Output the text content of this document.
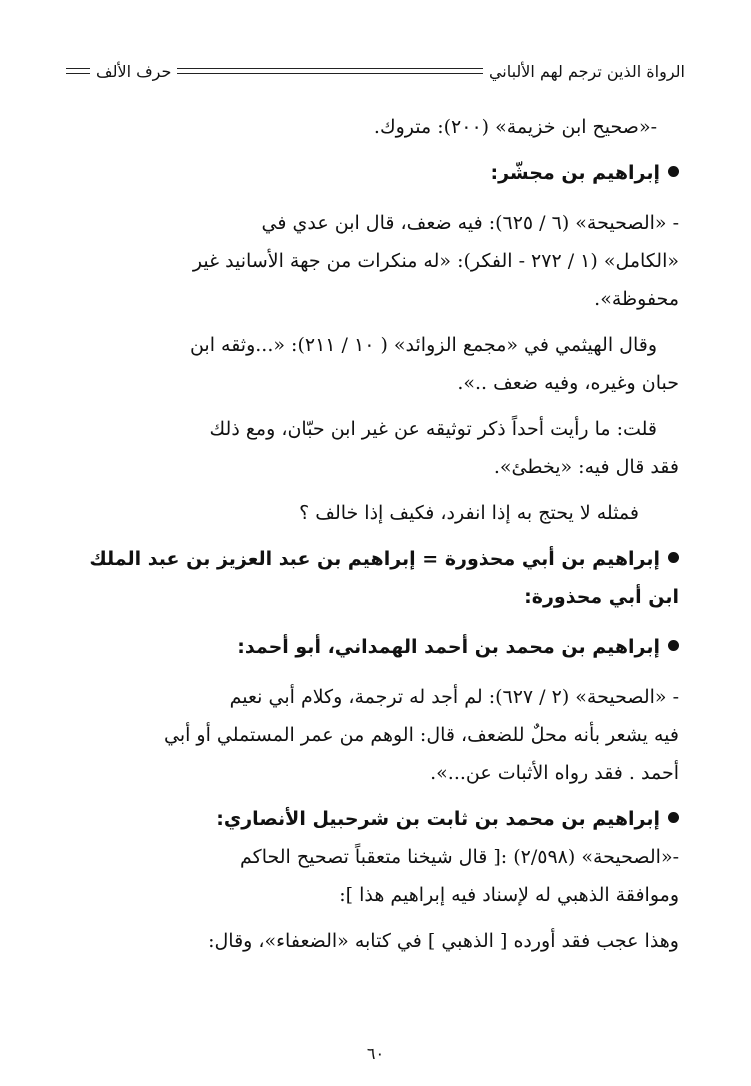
الرواة الذين ترجم لهم الألباني
حرف الألف

-«صحيح ابن خزيمة» (٢٠٠): متروك.

إبراهيم بن مجشّر:

- «الصحيحة» (٦ / ٦٢٥): فيه ضعف، قال ابن عدي في

«الكامل» (١ / ٢٧٢ - الفكر): «له منكرات من جهة الأسانيد غير

محفوظة».

وقال الهيثمي في «مجمع الزوائد» ( ١٠ / ٢١١): «...وثقه ابن

حبان وغيره، وفيه ضعف ..».

قلت: ما رأيت أحداً ذكر توثيقه عن غير ابن حبّان، ومع ذلك

فقد قال فيه: «يخطئ».

فمثله لا يحتج به إذا انفرد، فكيف إذا خالف ؟

إبراهيم بن أبي محذورة = إبراهيم بن عبد العزيز بن عبد الملك

ابن أبي محذورة:

إبراهيم بن محمد بن أحمد الهمداني، أبو أحمد:

- «الصحيحة» (٢ / ٦٢٧): لم أجد له ترجمة، وكلام أبي نعيم

فيه يشعر بأنه محلٌ للضعف، قال: الوهم من عمر المستملي أو أبي

أحمد . فقد رواه الأثبات عن...».

إبراهيم بن محمد بن ثابت بن شرحبيل الأنصاري:

-«الصحيحة» (٢/٥٩٨) :[ قال شيخنا متعقباً تصحيح الحاكم

وموافقة الذهبي له لإسناد فيه إبراهيم هذا ]:

وهذا عجب فقد أورده [ الذهبي ] في كتابه «الضعفاء»، وقال:

٦٠
